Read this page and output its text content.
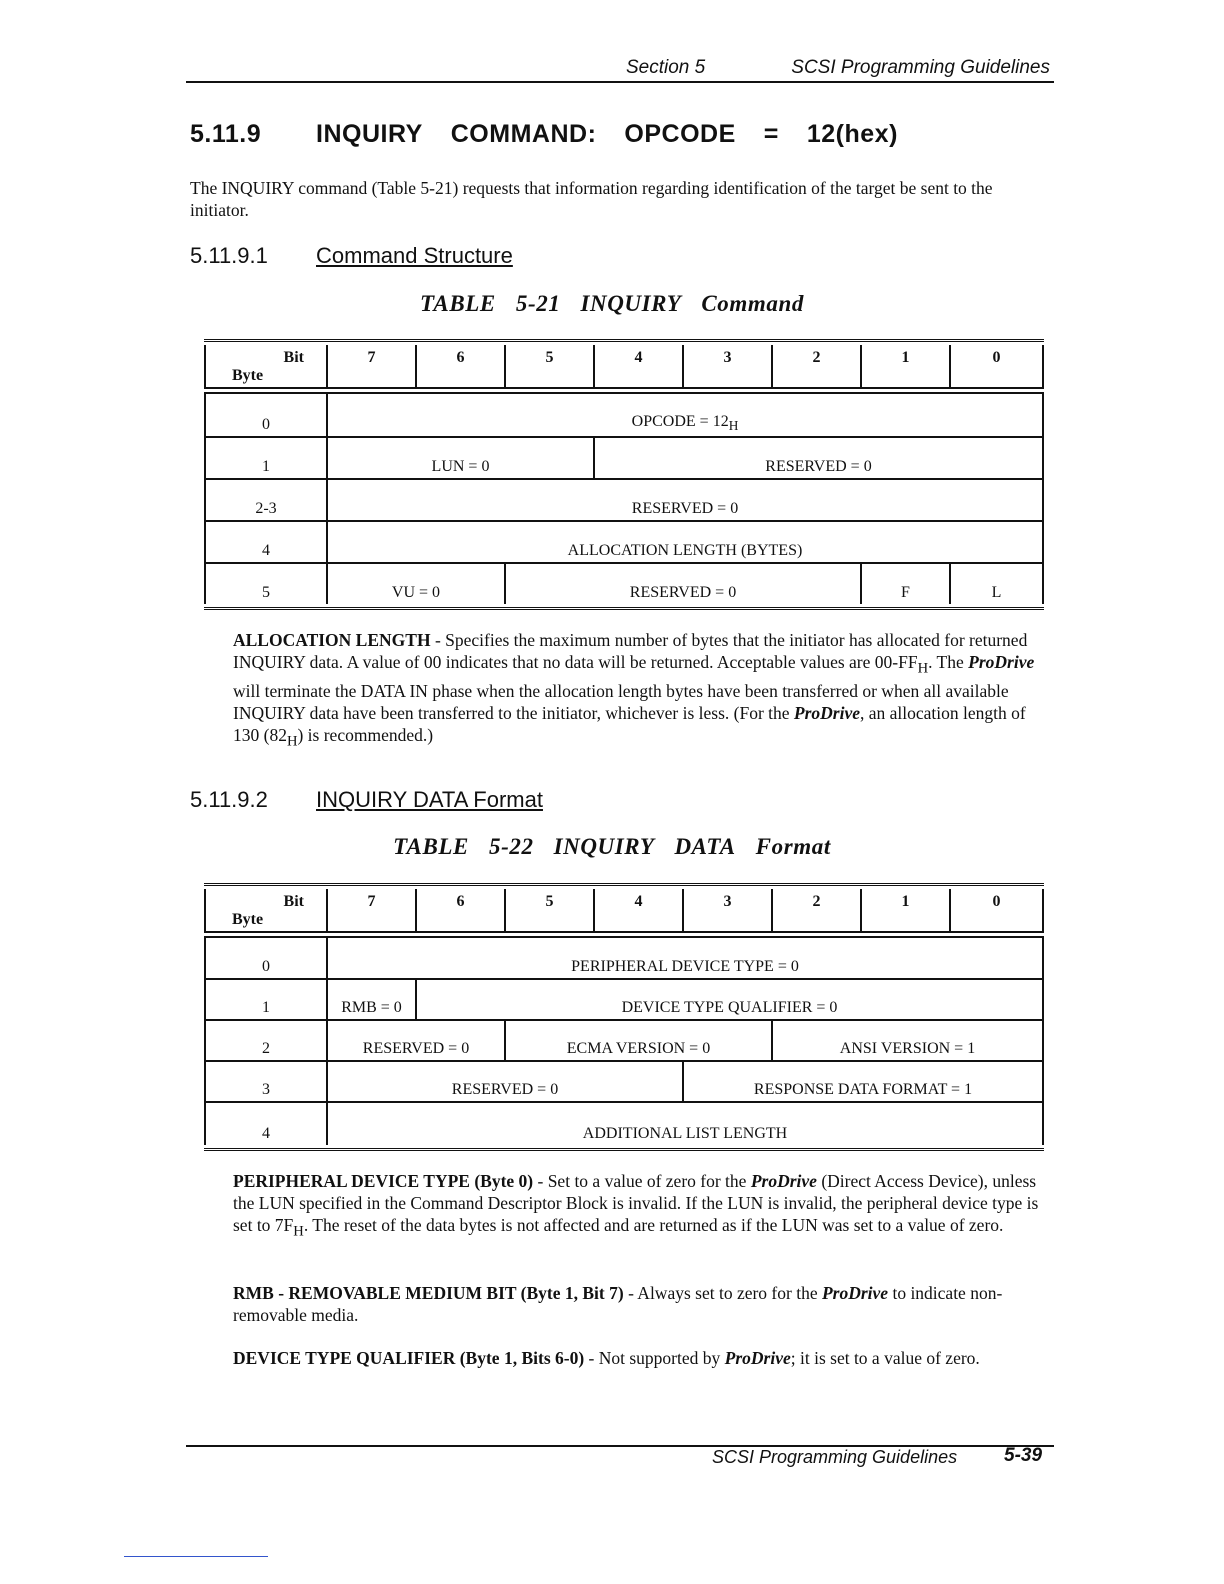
Section 5	SCSI Programming Guidelines
5.11.9 INQUIRY COMMAND: OPCODE = 12(hex)
The INQUIRY command (Table 5-21) requests that information regarding identification of the target be sent to the initiator.
5.11.9.1 Command Structure
TABLE 5-21 INQUIRY Command
Bit
Byte
7	6	5	4	3	2	1	0
0	OPCODE = $12_H$
1	LUN = 0	RESERVED = 0
2-3	RESERVED = 0
4	ALLOCATION LENGTH (BYTES)
5	VU = 0	RESERVED = 0	F	L
ALLOCATION LENGTH - Specifies the maximum number of bytes that the initiator has allocated for returned INQUIRY data. A value of 00 indicates that no data will be returned. Acceptable values are $00-FF_H$. The ProDrive will terminate the DATA IN phase when the allocation length bytes have been transferred or when all available INQUIRY data have been transferred to the initiator, whichever is less. (For the ProDrive, an allocation length of 130 $(82_H)$ is recommended.)
5.11.9.2 INQUIRY DATA Format
TABLE 5-22 INQUIRY DATA Format
Bit
Byte
7	6	5	4	3	2	1	0
0	PERIPHERAL DEVICE TYPE = 0
1	RMB = 0	DEVICE TYPE QUALIFIER = 0
2	RESERVED = 0	ECMA VERSION = 0	ANSI VERSION = 1
3	RESERVED = 0	RESPONSE DATA FORMAT = 1
4	ADDITIONAL LIST LENGTH
PERIPHERAL DEVICE TYPE (Byte 0) - Set to a value of zero for the ProDrive (Direct Access Device), unless the LUN specified in the Command Descriptor Block is invalid. If the LUN is invalid, the peripheral device type is set to $7F_H$. The reset of the data bytes is not affected and are returned as if the LUN was set to a value of zero.
RMB - REMOVABLE MEDIUM BIT (Byte 1, Bit 7) - Always set to zero for the ProDrive to indicate non-removable media.
DEVICE TYPE QUALIFIER (Byte 1, Bits 6-0) - Not supported by ProDrive; it is set to a value of zero.
SCSI Programming Guidelines 5-39
